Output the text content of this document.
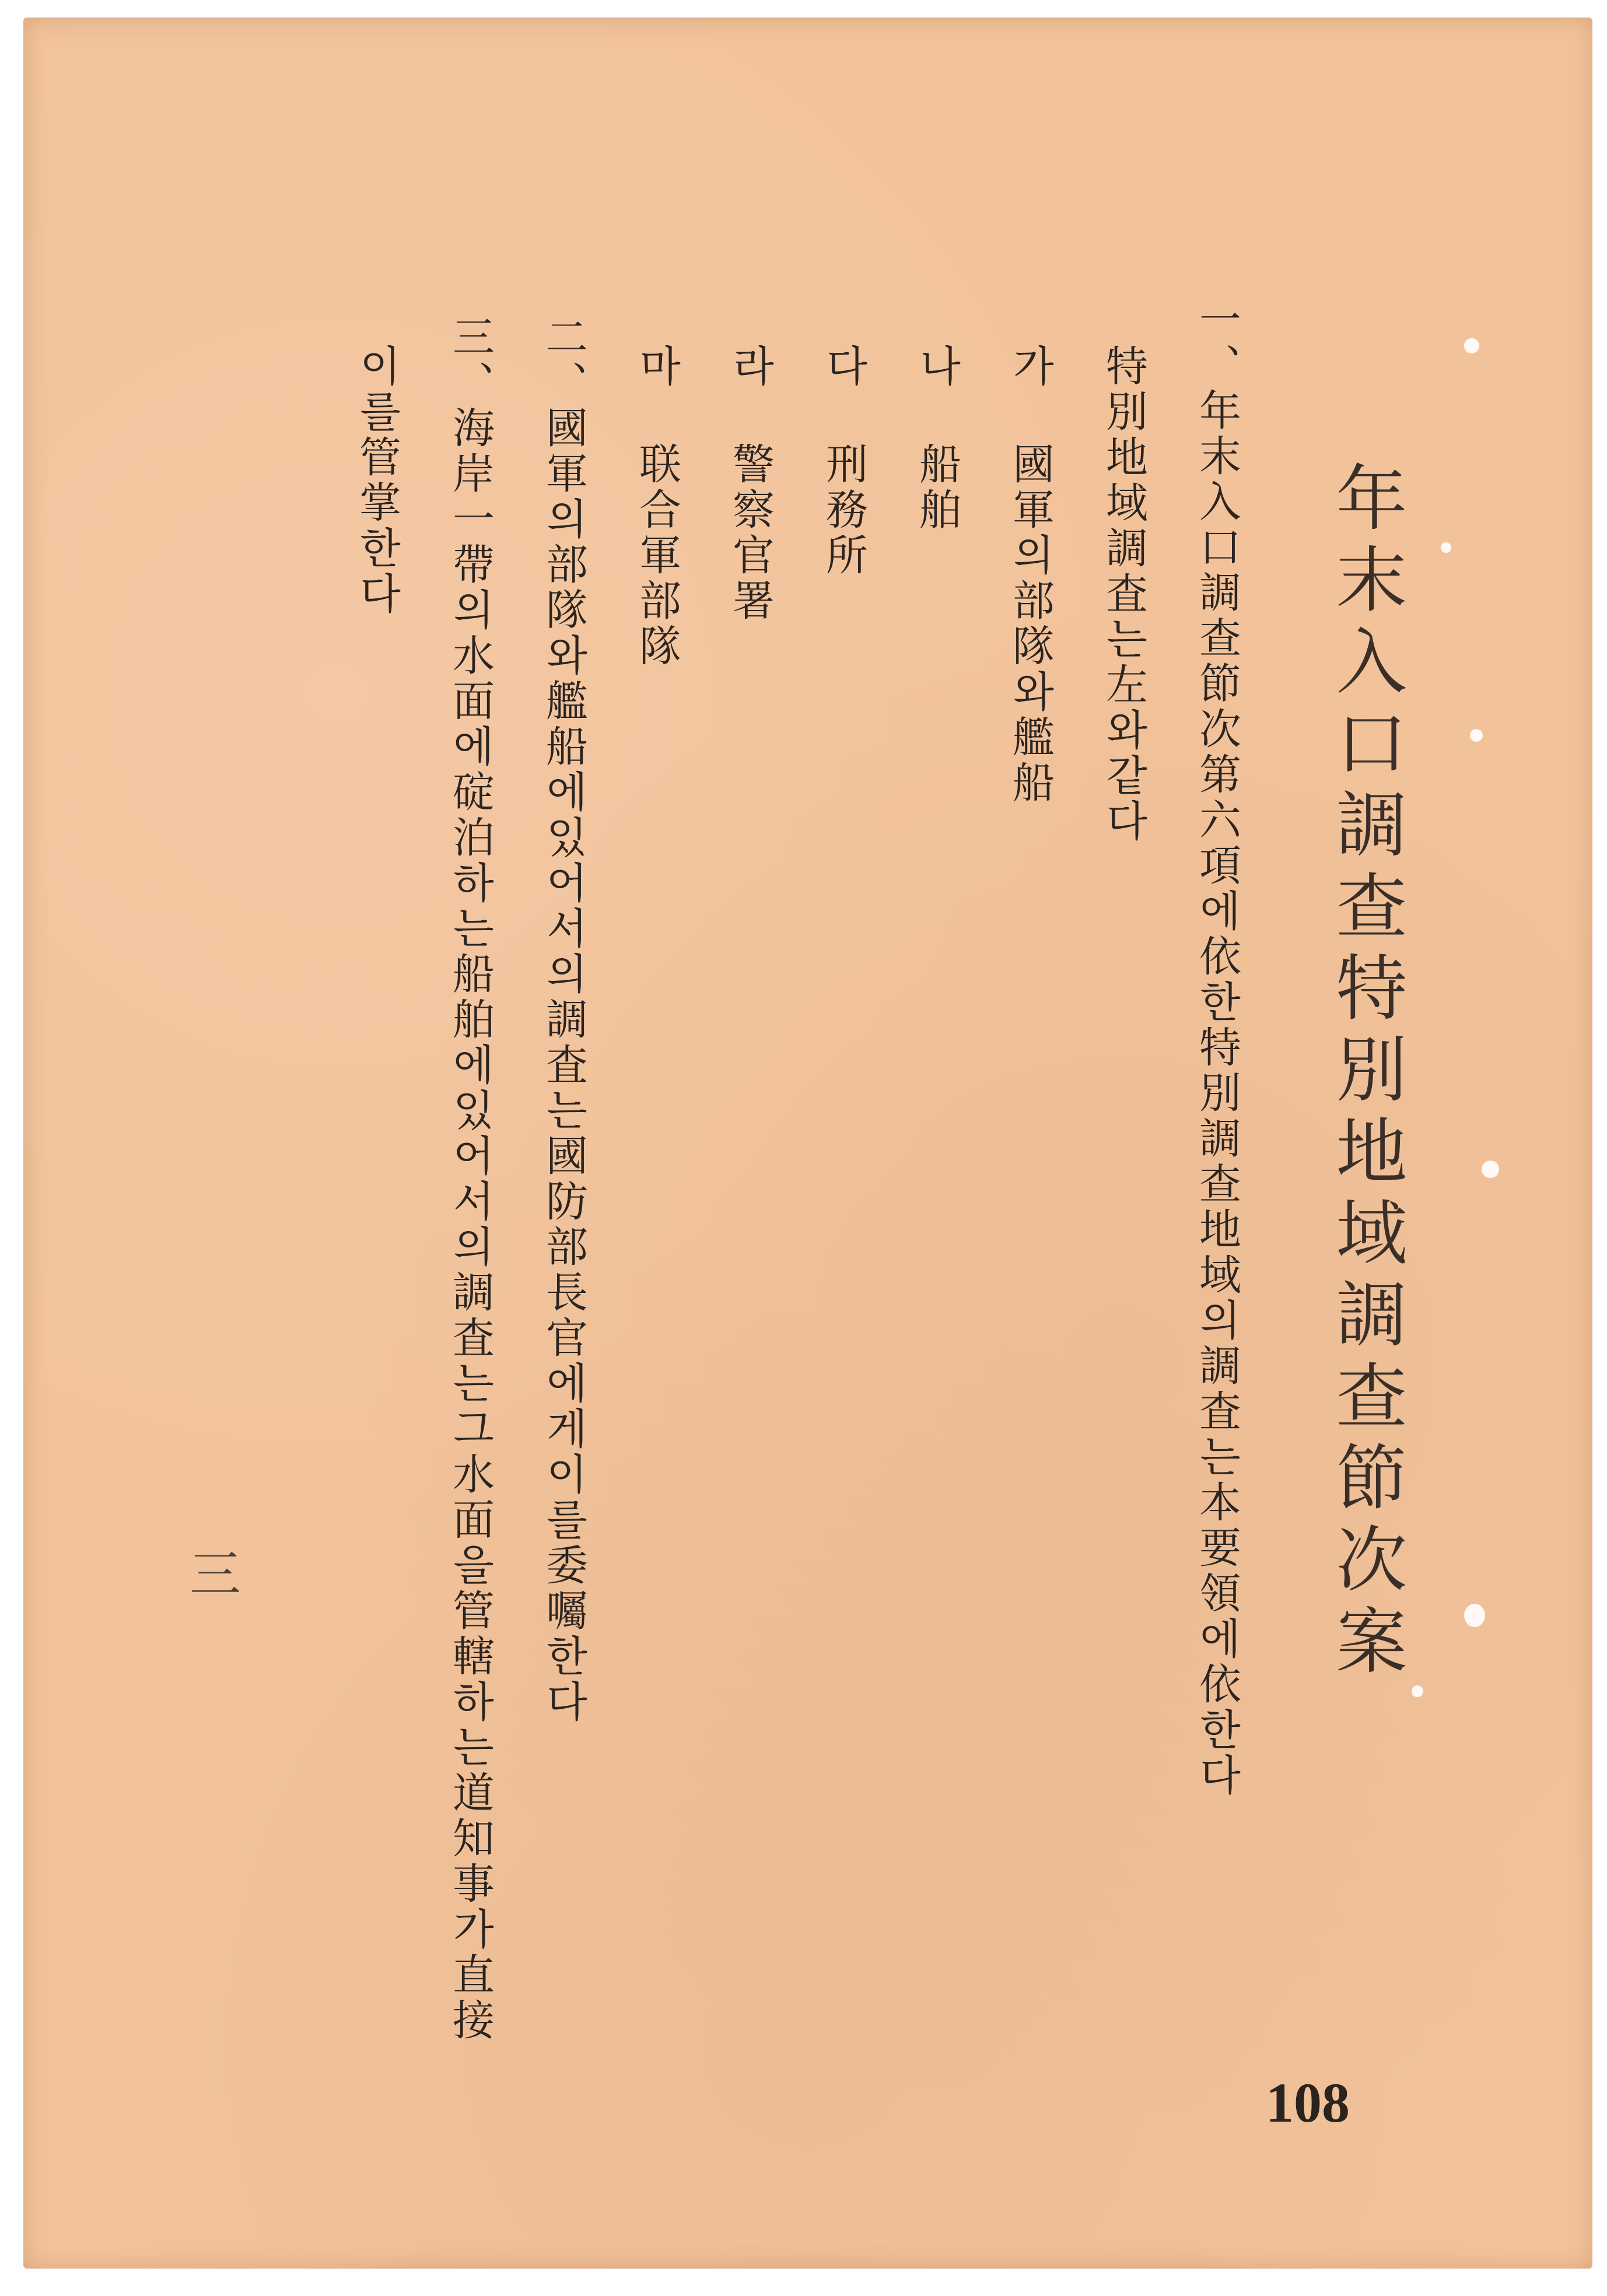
年末入口調查特別地域調查節次案
一、年末入口調查節次第六項에依한特別調查地域의調査는本要領에依한다
特別地域調査는左와같다
가 國軍의部隊와艦船
나 船舶
다 刑務所
라 警察官署
마 联合軍部隊
二、國軍의部隊와艦船에있어서의調査는國防部長官에게이를委囑한다
三、海岸一帶의水面에碇泊하는船舶에있어서의調査는그水面을管轄하는道知事가直接
이를管掌한다
三
108
